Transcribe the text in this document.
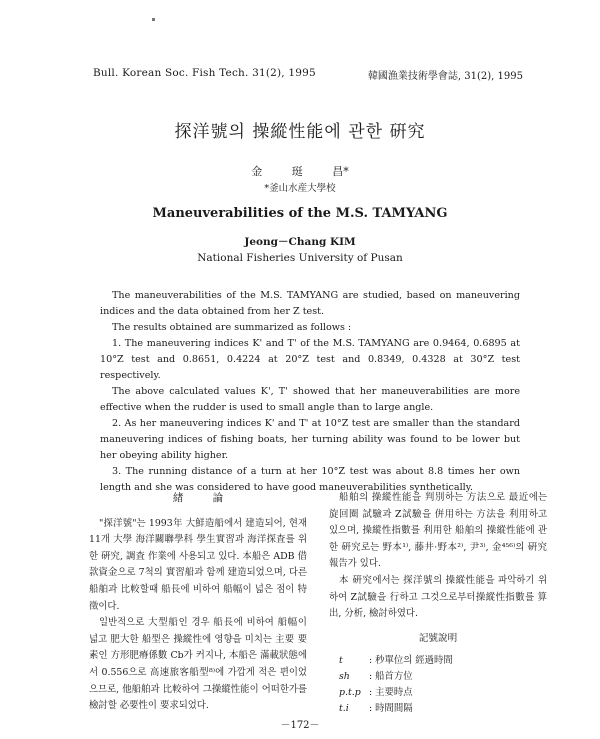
Bull. Korean Soc. Fish Tech. 31(2), 1995	韓國漁業技術學會誌, 31(2), 1995
探洋號의 操縱性能에 관한 硏究
金 珽 昌*
*釜山水産大學校
Maneuverabilities of the M.S. TAMYANG
Jeong－Chang KIM
National Fisheries University of Pusan

The maneuverabilities of the M.S. TAMYANG are studied, based on maneuvering indices and the data obtained from her Z test.

The results obtained are summarized as follows :

1. The maneuvering indices K' and T' of the M.S. TAMYANG are 0.9464, 0.6895 at 10°Z test and 0.8651, 0.4224 at 20°Z test and 0.8349, 0.4328 at 30°Z test respectively.

The above calculated values K', T' showed that her maneuverabilities are more effective when the rudder is used to small angle than to large angle.

2. As her maneuvering indices K' and T' at 10°Z test are smaller than the standard maneuvering indices of fishing boats, her turning ability was found to be lower but her obeying ability higher.

3. The running distance of a turn at her 10°Z test was about 8.8 times her own length and she was considered to have good maneuverabilities synthetically.

緖 論

"探洋號"는 1993年 大鮮造船에서 建造되어, 현재 11개 大學 海洋關聯學科 學生實習과 海洋探査를 위한 硏究, 調査 作業에 사용되고 있다. 本船은 ADB 借款資金으로 7척의 實習船과 함께 建造되었으며, 다른 船舶과 比較할때 船長에 비하여 船幅이 넓은 점이 特徵이다.

일반적으로 大型船인 경우 船長에 비하여 船幅이 넓고 肥大한 船型은 操縱性에 영향을 미치는 主要 要素인 方形肥瘠係數 Cb가 커지나, 本船은 滿載狀態에서 0.556으로 高速旅客船型⁸⁾에 가깝게 적은 편이었으므로, 他船舶과 比較하여 그操縱性能이 어떠한가를 檢討할 必要性이 要求되었다.

船舶의 操縱性能을 判別하는 方法으로 最近에는 旋回圈 試驗과 Z試驗을 倂用하는 方法을 利用하고 있으며, 操縱性指數를 利用한 船舶의 操縱性能에 관한 硏究로는 野本¹⁾, 藤井·野本²⁾, 尹³⁾, 金⁴⁵⁶⁾의 硏究報告가 있다.

本 硏究에서는 探洋號의 操縱性能을 파악하기 위하여 Z試驗을 行하고 그것으로부터操縱性指數를 算出, 分析, 檢討하였다.

記號說明
t	: 秒單位의 經過時間
sh	: 船首方位
p.t.p : 主要時点
t.i	: 時間間隔
－172－
